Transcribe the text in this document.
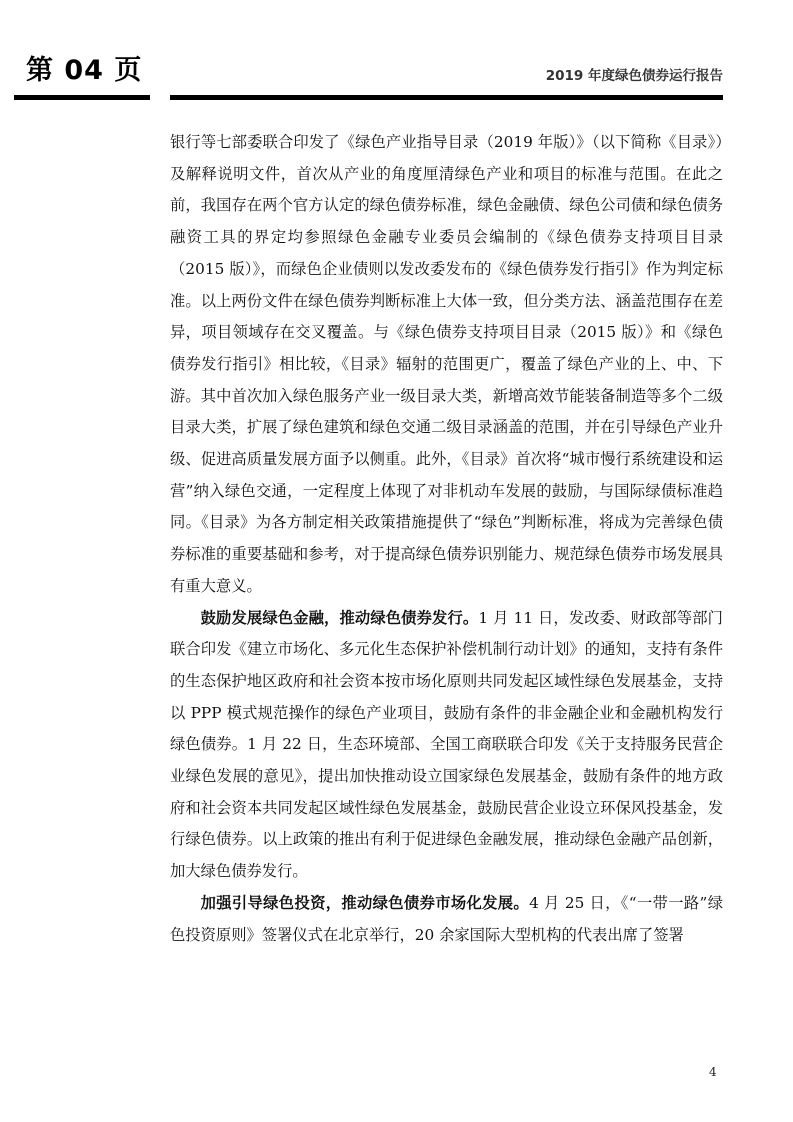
第 04 页	2019 年度绿色债券运行报告

银行等七部委联合印发了《绿色产业指导目录（2019 年版）》（以下简称《目录》）及解释说明文件，首次从产业的角度厘清绿色产业和项目的标准与范围。在此之前，我国存在两个官方认定的绿色债券标准，绿色金融债、绿色公司债和绿色债务融资工具的界定均参照绿色金融专业委员会编制的《绿色债券支持项目目录（2015 版）》，而绿色企业债则以发改委发布的《绿色债券发行指引》作为判定标准。以上两份文件在绿色债券判断标准上大体一致，但分类方法、涵盖范围存在差异，项目领域存在交叉覆盖。与《绿色债券支持项目目录（2015 版）》和《绿色债券发行指引》相比较，《目录》辐射的范围更广，覆盖了绿色产业的上、中、下游。其中首次加入绿色服务产业一级目录大类，新增高效节能装备制造等多个二级目录大类，扩展了绿色建筑和绿色交通二级目录涵盖的范围，并在引导绿色产业升级、促进高质量发展方面予以侧重。此外，《目录》首次将“城市慢行系统建设和运营”纳入绿色交通，一定程度上体现了对非机动车发展的鼓励，与国际绿债标准趋同。《目录》为各方制定相关政策措施提供了“绿色”判断标准，将成为完善绿色债券标准的重要基础和参考，对于提高绿色债券识别能力、规范绿色债券市场发展具有重大意义。

鼓励发展绿色金融，推动绿色债券发行。1 月 11 日，发改委、财政部等部门联合印发《建立市场化、多元化生态保护补偿机制行动计划》的通知，支持有条件的生态保护地区政府和社会资本按市场化原则共同发起区域性绿色发展基金，支持以 PPP 模式规范操作的绿色产业项目，鼓励有条件的非金融企业和金融机构发行绿色债券。1 月 22 日，生态环境部、全国工商联联合印发《关于支持服务民营企业绿色发展的意见》，提出加快推动设立国家绿色发展基金，鼓励有条件的地方政府和社会资本共同发起区域性绿色发展基金，鼓励民营企业设立环保风投基金，发行绿色债券。以上政策的推出有利于促进绿色金融发展，推动绿色金融产品创新，加大绿色债券发行。

加强引导绿色投资，推动绿色债券市场化发展。4 月 25 日，《“一带一路”绿色投资原则》签署仪式在北京举行，20 余家国际大型机构的代表出席了签署

4
